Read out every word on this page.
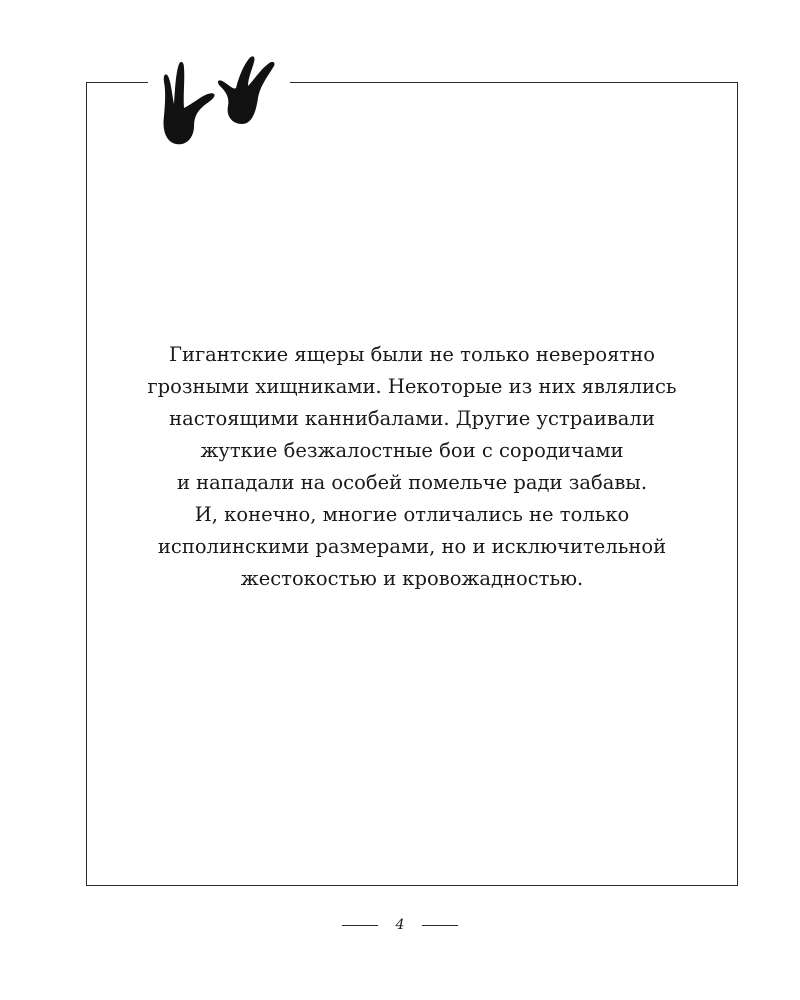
Гигантские ящеры были не только невероятно
грозными хищниками. Некоторые из них являлись
настоящими каннибалами. Другие устраивали
жуткие безжалостные бои с сородичами
и нападали на особей помельче ради забавы.
И, конечно, многие отличались не только
исполинскими размерами, но и исключительной
жестокостью и кровожадностью.
4
